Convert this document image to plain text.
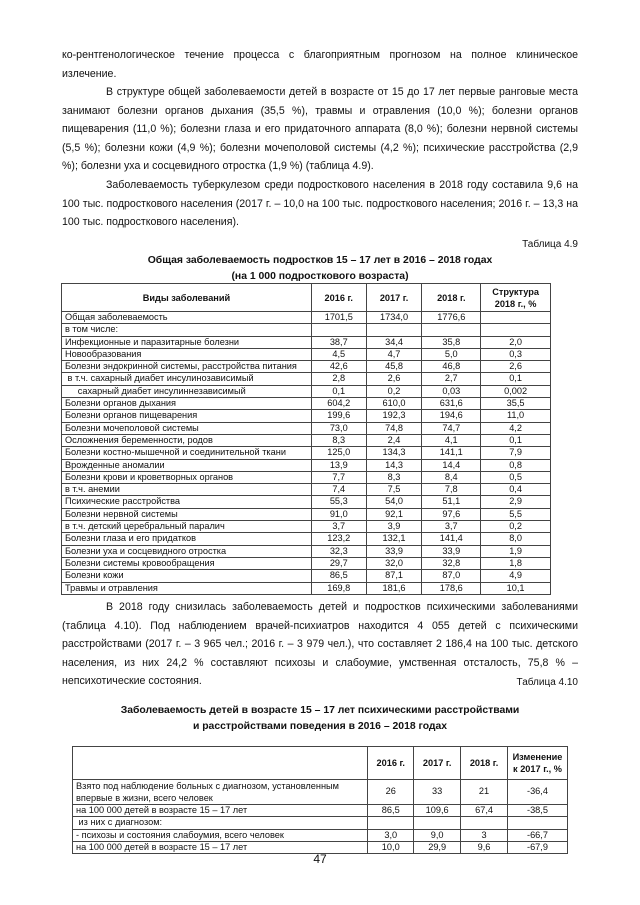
ко-рентгенологическое течение процесса с благоприятным прогнозом на полное клиническое излечение.

В структуре общей заболеваемости детей в возрасте от 15 до 17 лет первые ранговые места занимают болезни органов дыхания (35,5 %), травмы и отравления (10,0 %); болезни органов пищеварения (11,0 %); болезни глаза и его придаточного аппарата (8,0 %); болезни нервной системы (5,5 %); болезни кожи (4,9 %); болезни мочеполовой системы (4,2 %); психические расстройства (2,9 %); болезни уха и сосцевидного отростка (1,9 %) (таблица 4.9).

Заболеваемость туберкулезом среди подросткового населения в 2018 году составила 9,6 на 100 тыс. подросткового населения (2017 г. – 10,0 на 100 тыс. подросткового населения; 2016 г. – 13,3 на 100 тыс. подросткового населения).

Таблица 4.9
Общая заболеваемость подростков 15 – 17 лет в 2016 – 2018 годах
(на 1 000 подросткового возраста)
Виды заболеваний	2016 г.	2017 г.	2018 г.	Структура 2018 г., %
Общая заболеваемость	1701,5	1734,0	1776,6	
в том числе:				
Инфекционные и паразитарные болезни	38,7	34,4	35,8	2,0
Новообразования	4,5	4,7	5,0	0,3
Болезни эндокринной системы, расстройства питания	42,6	45,8	46,8	2,6
в т.ч. сахарный диабет инсулинозависимый	2,8	2,6	2,7	0,1
сахарный диабет инсулиннезависимый	0,1	0,2	0,03	0,002
Болезни органов дыхания	604,2	610,0	631,6	35,5
Болезни органов пищеварения	199,6	192,3	194,6	11,0
Болезни мочеполовой системы	73,0	74,8	74,7	4,2
Осложнения беременности, родов	8,3	2,4	4,1	0,1
Болезни костно-мышечной и соединительной ткани	125,0	134,3	141,1	7,9
Врожденные аномалии	13,9	14,3	14,4	0,8
Болезни крови и кроветворных органов	7,7	8,3	8,4	0,5
в т.ч. анемии	7,4	7,5	7,8	0,4
Психические расстройства	55,3	54,0	51,1	2,9
Болезни нервной системы	91,0	92,1	97,6	5,5
в т.ч. детский церебральный паралич	3,7	3,9	3,7	0,2
Болезни глаза и его придатков	123,2	132,1	141,4	8,0
Болезни уха и сосцевидного отростка	32,3	33,9	33,9	1,9
Болезни системы кровообращения	29,7	32,0	32,8	1,8
Болезни кожи	86,5	87,1	87,0	4,9
Травмы и отравления	169,8	181,6	178,6	10,1

В 2018 году снизилась заболеваемость детей и подростков психическими заболеваниями (таблица 4.10). Под наблюдением врачей-психиатров находится 4 055 детей с психическими расстройствами (2017 г. – 3 965 чел.; 2016 г. – 3 979 чел.), что составляет 2 186,4 на 100 тыс. детского населения, из них 24,2 % составляют психозы и слабоумие, умственная отсталость, 75,8 % – непсихотические состояния.	Таблица 4.10
Заболеваемость детей в возрасте 15 – 17 лет психическими расстройствами
и расстройствами поведения в 2016 – 2018 годах
	2016 г.	2017 г.	2018 г.	Изменение к 2017 г., %
Взято под наблюдение больных с диагнозом, установленным впервые в жизни, всего человек	26	33	21	-36,4
на 100 000 детей в возрасте 15 – 17 лет	86,5	109,6	67,4	-38,5
из них с диагнозом:				
- психозы и состояния слабоумия, всего человек	3,0	9,0	3	-66,7
на 100 000 детей в возрасте 15 – 17 лет	10,0	29,9	9,6	-67,9
47
